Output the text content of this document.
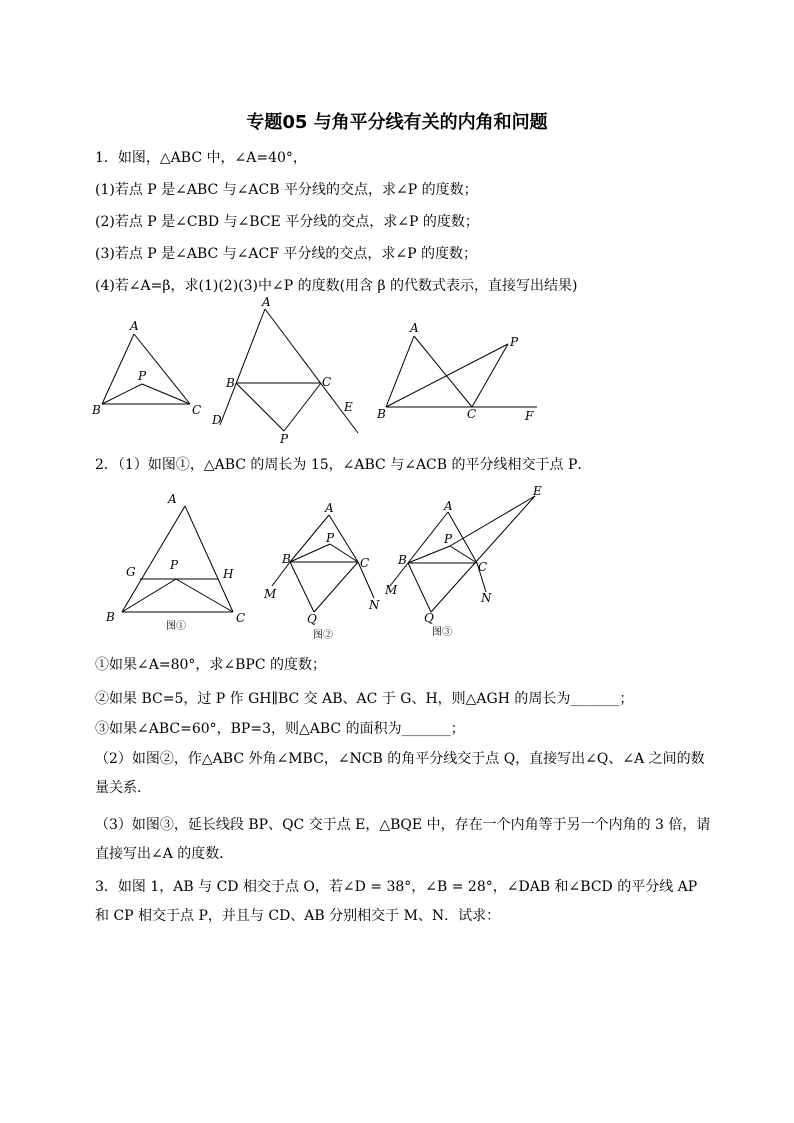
专题05 与角平分线有关的内角和问题
1．如图，△ABC 中，∠A=40°，
(1)若点 P 是∠ABC 与∠ACB 平分线的交点，求∠P 的度数；
(2)若点 P 是∠CBD 与∠BCE 平分线的交点，求∠P 的度数；
(3)若点 P 是∠ABC 与∠ACF 平分线的交点，求∠P 的度数；
(4)若∠A=β，求(1)(2)(3)中∠P 的度数(用含 β 的代数式表示，直接写出结果)
A
P
B	C
A
B	C
D
E
P
A
P
B	C	F
2．（1）如图①，△ABC 的周长为 15，∠ABC 与∠ACB 的平分线相交于点 P．
A
G	P
H
B	C
图①
A
P
B	C
M
N
Q
图②
E
A
P
B	C
M
N
Q
图③
①如果∠A=80°，求∠BPC 的度数；
②如果 BC=5，过 P 作 GH∥BC 交 AB、AC 于 G、H，则△AGH 的周长为_______；
③如果∠ABC=60°，BP=3，则△ABC 的面积为_______；
（2）如图②，作△ABC 外角∠MBC，∠NCB 的角平分线交于点 Q，直接写出∠Q、∠A 之间的数量关系．
（3）如图③，延长线段 BP、QC 交于点 E，△BQE 中，存在一个内角等于另一个内角的 3 倍，请直接写出∠A 的度数．
3．如图 1，AB 与 CD 相交于点 O，若∠D = 38°，∠B = 28°，∠DAB 和∠BCD 的平分线 AP 和 CP 相交于点 P，并且与 CD、AB 分别相交于 M、N．试求：
